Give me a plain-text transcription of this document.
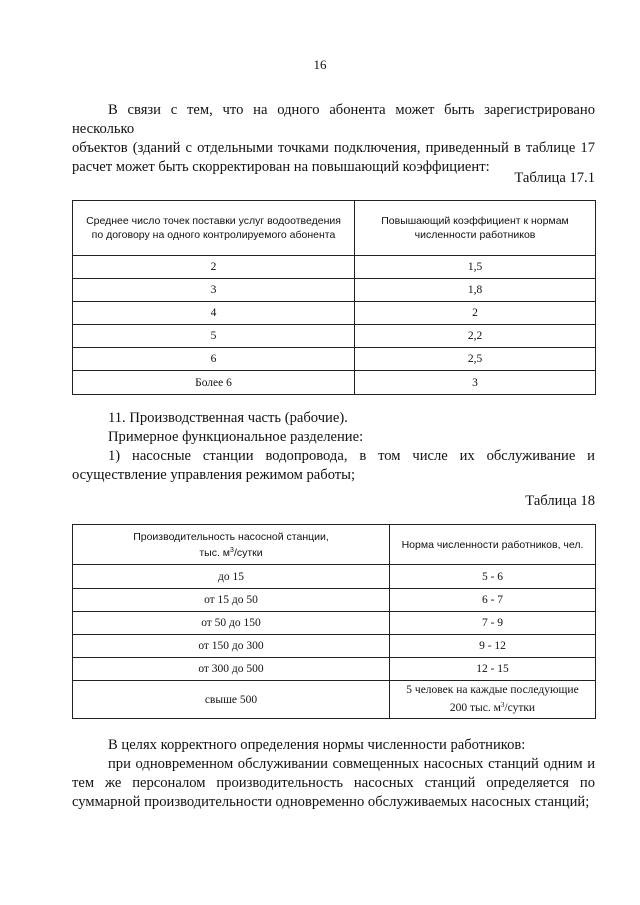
16
В связи с тем, что на одного абонента может быть зарегистрировано несколько
объектов (зданий с отдельными точками подключения, приведенный в таблице 17
расчет может быть скорректирован на повышающий коэффициент:
Таблица 17.1
Среднее число точек поставки услуг водоотведения по договору на одного контролируемого абонента	Повышающий коэффициент к нормам численности работников
2	1,5
3	1,8
4	2
5	2,2
6	2,5
Более 6	3
11. Производственная часть (рабочие).
Примерное функциональное разделение:
1) насосные станции водопровода, в том числе их обслуживание и
осуществление управления режимом работы;
Таблица 18
Производительность насосной станции,
тыс. $м^3$/сутки	Норма численности работников, чел.
до 15	5 - 6
от 15 до 50	6 - 7
от 50 до 150	7 - 9
от 150 до 300	9 - 12
от 300 до 500	12 - 15
свыше 500	5 человек на каждые последующие
200 тыс. $м^3$/сутки
В целях корректного определения нормы численности работников:
при одновременном обслуживании совмещенных насосных станций одним и
тем же персоналом производительность насосных станций определяется по
суммарной производительности одновременно обслуживаемых насосных станций;
